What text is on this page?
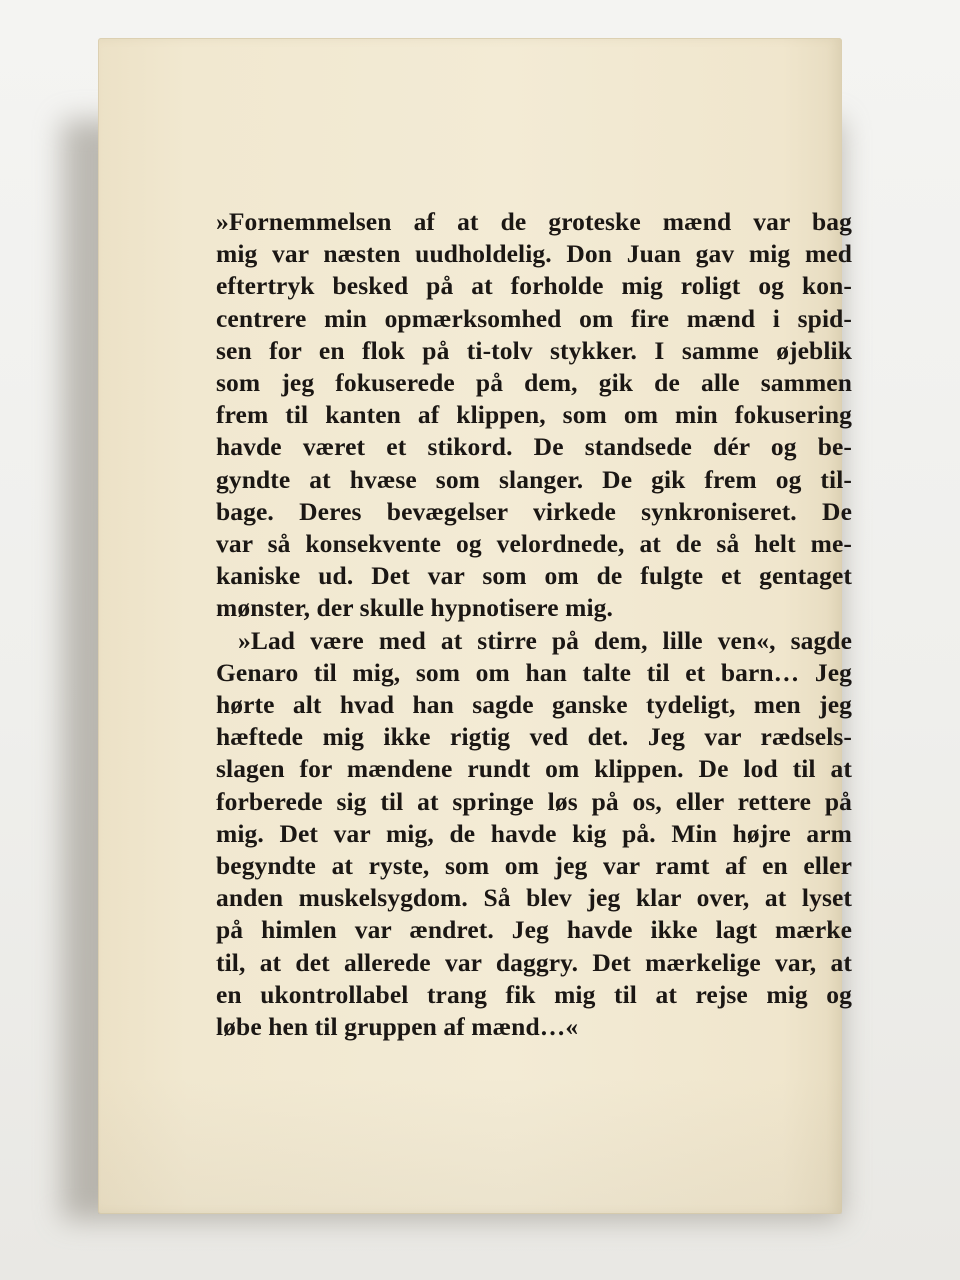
»Fornemmelsen af at de groteske mænd var bag
mig var næsten uudholdelig. Don Juan gav mig med
eftertryk besked på at forholde mig roligt og kon-
centrere min opmærksomhed om fire mænd i spid-
sen for en flok på ti-tolv stykker. I samme øjeblik
som jeg fokuserede på dem, gik de alle sammen
frem til kanten af klippen, som om min fokusering
havde været et stikord. De standsede dér og be-
gyndte at hvæse som slanger. De gik frem og til-
bage. Deres bevægelser virkede synkroniseret. De
var så konsekvente og velordnede, at de så helt me-
kaniske ud. Det var som om de fulgte et gentaget
mønster, der skulle hypnotisere mig.
»Lad være med at stirre på dem, lille ven«, sagde
Genaro til mig, som om han talte til et barn… Jeg
hørte alt hvad han sagde ganske tydeligt, men jeg
hæftede mig ikke rigtig ved det. Jeg var rædsels-
slagen for mændene rundt om klippen. De lod til at
forberede sig til at springe løs på os, eller rettere på
mig. Det var mig, de havde kig på. Min højre arm
begyndte at ryste, som om jeg var ramt af en eller
anden muskelsygdom. Så blev jeg klar over, at lyset
på himlen var ændret. Jeg havde ikke lagt mærke
til, at det allerede var daggry. Det mærkelige var, at
en ukontrollabel trang fik mig til at rejse mig og
løbe hen til gruppen af mænd…«
